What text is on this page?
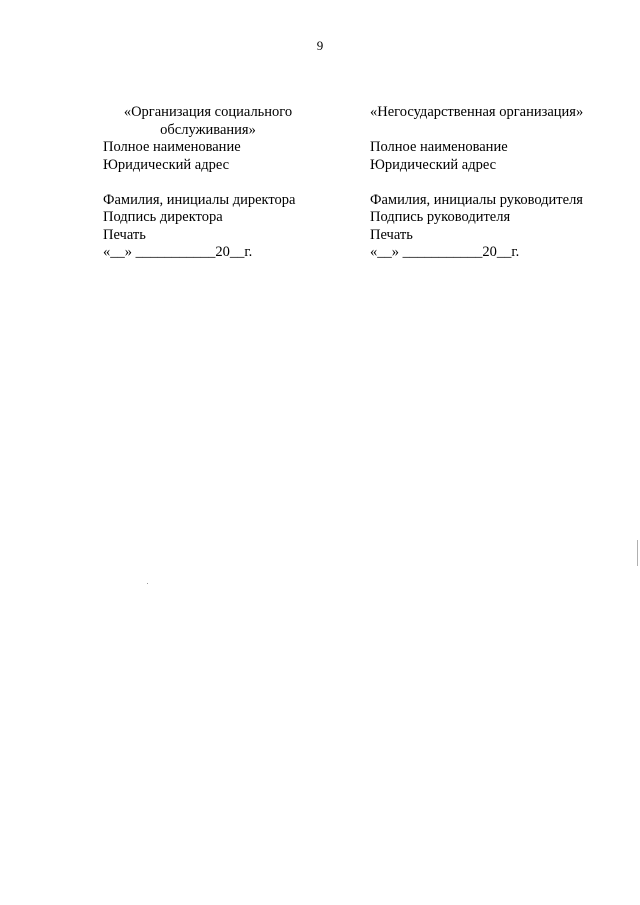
9
«Организация социального обслуживания»
Полное наименование
Юридический адрес
Фамилия, инициалы директора
Подпись директора
Печать
«__» ___________20__г.
«Негосударственная организация»
Полное наименование
Юридический адрес
Фамилия, инициалы руководителя
Подпись руководителя
Печать
«__» ___________20__г.
